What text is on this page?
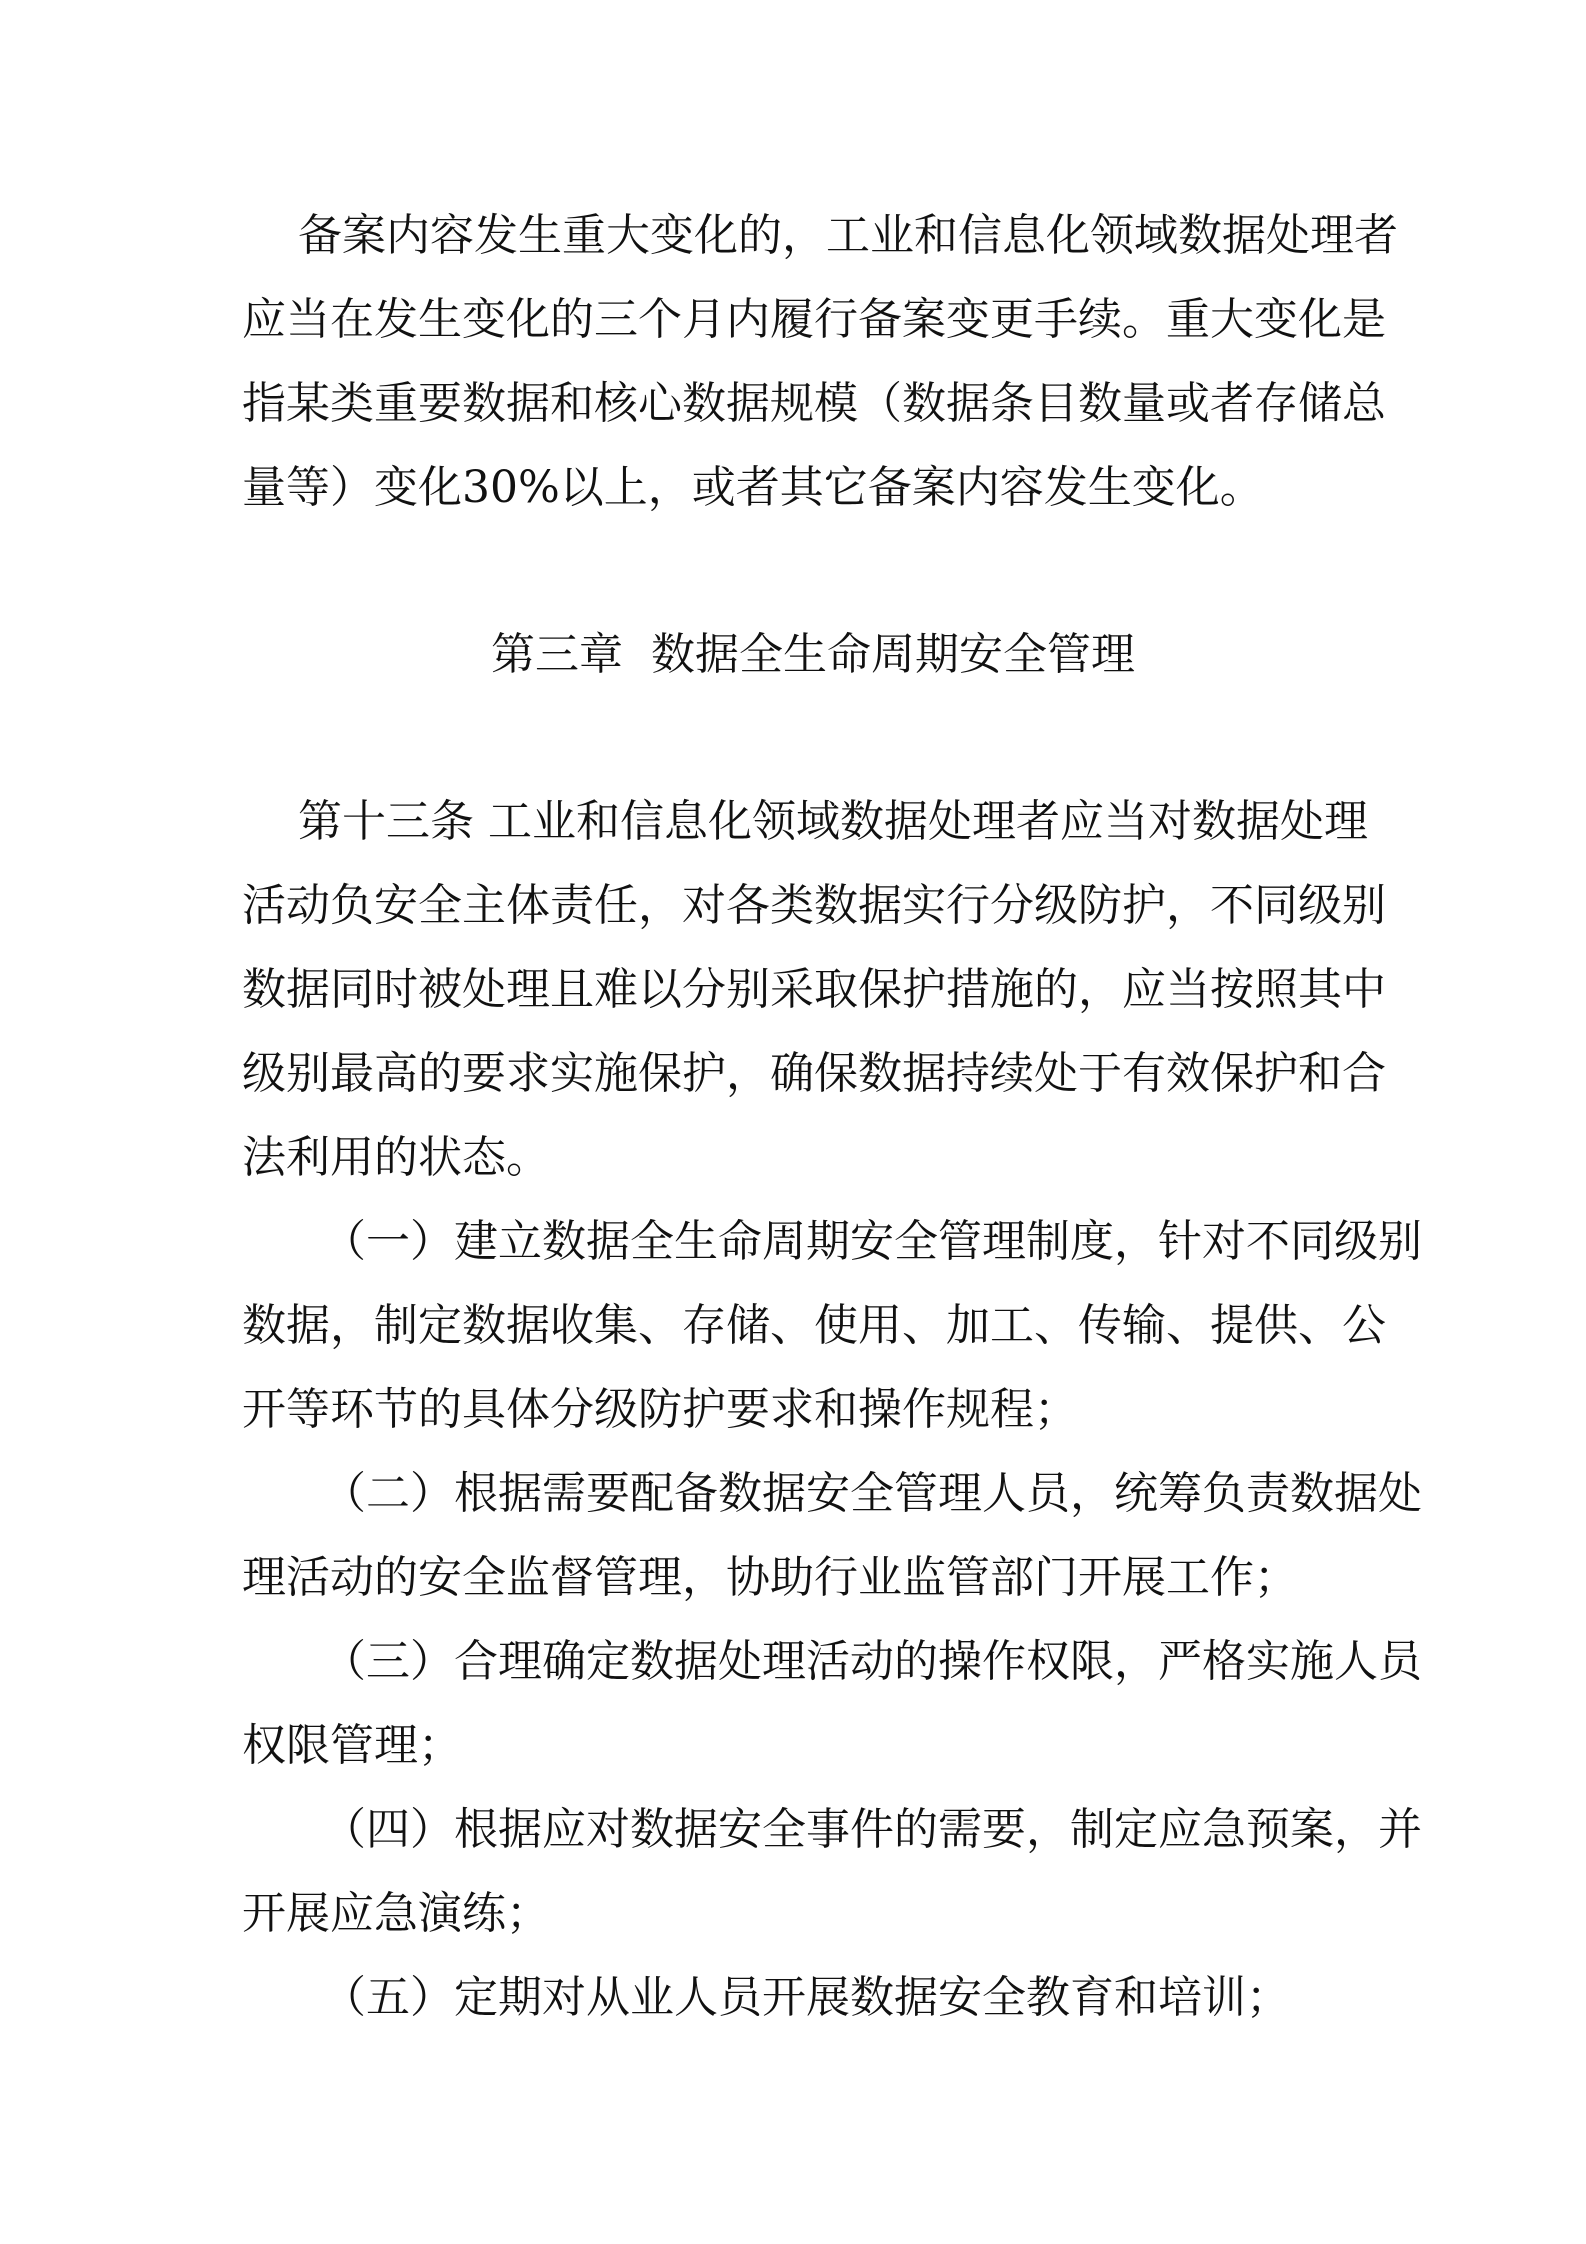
备案内容发生重大变化的，工业和信息化领域数据处理者
应当在发生变化的三个月内履行备案变更手续。重大变化是
指某类重要数据和核心数据规模（数据条目数量或者存储总
量等）变化30%以上，或者其它备案内容发生变化。
第三章  数据全生命周期安全管理
第十三条 工业和信息化领域数据处理者应当对数据处理
活动负安全主体责任，对各类数据实行分级防护，不同级别
数据同时被处理且难以分别采取保护措施的，应当按照其中
级别最高的要求实施保护，确保数据持续处于有效保护和合
法利用的状态。
（一）建立数据全生命周期安全管理制度，针对不同级别
数据，制定数据收集、存储、使用、加工、传输、提供、公
开等环节的具体分级防护要求和操作规程；
（二）根据需要配备数据安全管理人员，统筹负责数据处
理活动的安全监督管理，协助行业监管部门开展工作；
（三）合理确定数据处理活动的操作权限，严格实施人员
权限管理；
（四）根据应对数据安全事件的需要，制定应急预案，并
开展应急演练；
（五）定期对从业人员开展数据安全教育和培训；
